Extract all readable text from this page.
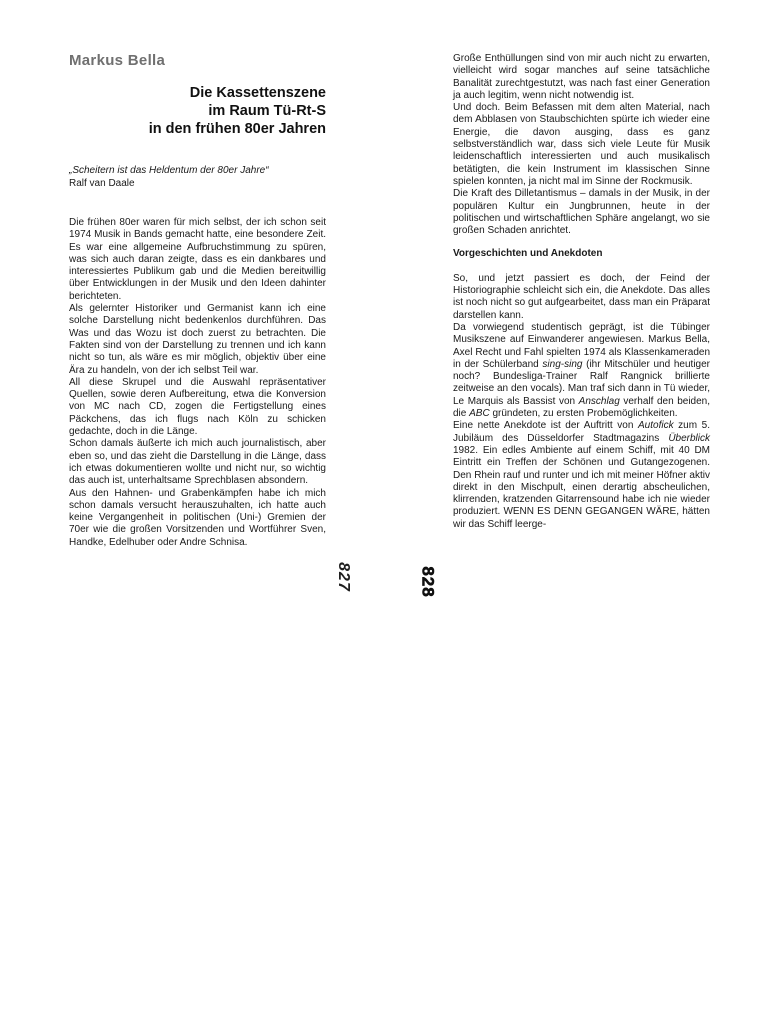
Markus Bella
Die Kassettenszene
im Raum Tü-Rt-S
in den frühen 80er Jahren
„Scheitern ist das Heldentum der 80er Jahre“
Ralf van Daale

Die frühen 80er waren für mich selbst, der ich schon seit 1974 Musik in Bands gemacht hatte, eine besondere Zeit. Es war eine allgemeine Aufbruchstimmung zu spüren, was sich auch daran zeigte, dass es ein dankbares und interessiertes Publikum gab und die Medien bereitwillig über Entwicklungen in der Musik und den Ideen dahinter berichteten.

Als gelernter Historiker und Germanist kann ich eine solche Darstellung nicht bedenkenlos durchführen. Das Was und das Wozu ist doch zuerst zu betrachten. Die Fakten sind von der Darstellung zu trennen und ich kann nicht so tun, als wäre es mir möglich, objektiv über eine Ära zu handeln, von der ich selbst Teil war.

All diese Skrupel und die Auswahl repräsentativer Quellen, sowie deren Aufbereitung, etwa die Konversion von MC nach CD, zogen die Fertigstellung eines Päckchens, das ich flugs nach Köln zu schicken gedachte, doch in die Länge.

Schon damals äußerte ich mich auch journalistisch, aber eben so, und das zieht die Darstellung in die Länge, dass ich etwas dokumentieren wollte und nicht nur, so wichtig das auch ist, unterhaltsame Sprechblasen absondern.

Aus den Hahnen- und Grabenkämpfen habe ich mich schon damals versucht herauszuhalten, ich hatte auch keine Vergangenheit in politischen (Uni-) Gremien der 70er wie die großen Vorsitzenden und Wortführer Sven, Handke, Edelhuber oder Andre Schnisa.

827

Große Enthüllungen sind von mir auch nicht zu erwarten, vielleicht wird sogar manches auf seine tatsächliche Banalität zurechtgestutzt, was nach fast einer Generation ja auch legitim, wenn nicht notwendig ist.

Und doch. Beim Befassen mit dem alten Material, nach dem Abblasen von Staubschichten spürte ich wieder eine Energie, die davon ausging, dass es ganz selbstverständlich war, dass sich viele Leute für Musik leidenschaftlich interessierten und auch musikalisch betätigten, die kein Instrument im klassischen Sinne spielen konnten, ja nicht mal im Sinne der Rockmusik.

Die Kraft des Dilletantismus – damals in der Musik, in der populären Kultur ein Jungbrunnen, heute in der politischen und wirtschaftlichen Sphäre angelangt, wo sie großen Schaden anrichtet.

Vorgeschichten und Anekdoten

So, und jetzt passiert es doch, der Feind der Historiographie schleicht sich ein, die Anekdote. Das alles ist noch nicht so gut aufgearbeitet, dass man ein Präparat darstellen kann.

Da vorwiegend studentisch geprägt, ist die Tübinger Musikszene auf Einwanderer angewiesen. Markus Bella, Axel Recht und Fahl spielten 1974 als Klassenkameraden in der Schülerband sing-sing (ihr Mitschüler und heutiger noch? Bundesliga-Trainer Ralf Rangnick brillierte zeitweise an den vocals). Man traf sich dann in Tü wieder, Le Marquis als Bassist von Anschlag verhalf den beiden, die ABC gründeten, zu ersten Probemöglichkeiten.

Eine nette Anekdote ist der Auftritt von Autofick zum 5. Jubiläum des Düsseldorfer Stadtmagazins Überblick 1982. Ein edles Ambiente auf einem Schiff, mit 40 DM Eintritt ein Treffen der Schönen und Gutangezogenen. Den Rhein rauf und runter und ich mit meiner Höfner aktiv direkt in den Mischpult, einen derartig abscheulichen, klirrenden, kratzenden Gitarrensound habe ich nie wieder produziert. WENN ES DENN GEGANGEN WÄRE, hätten wir das Schiff leerge-

828
